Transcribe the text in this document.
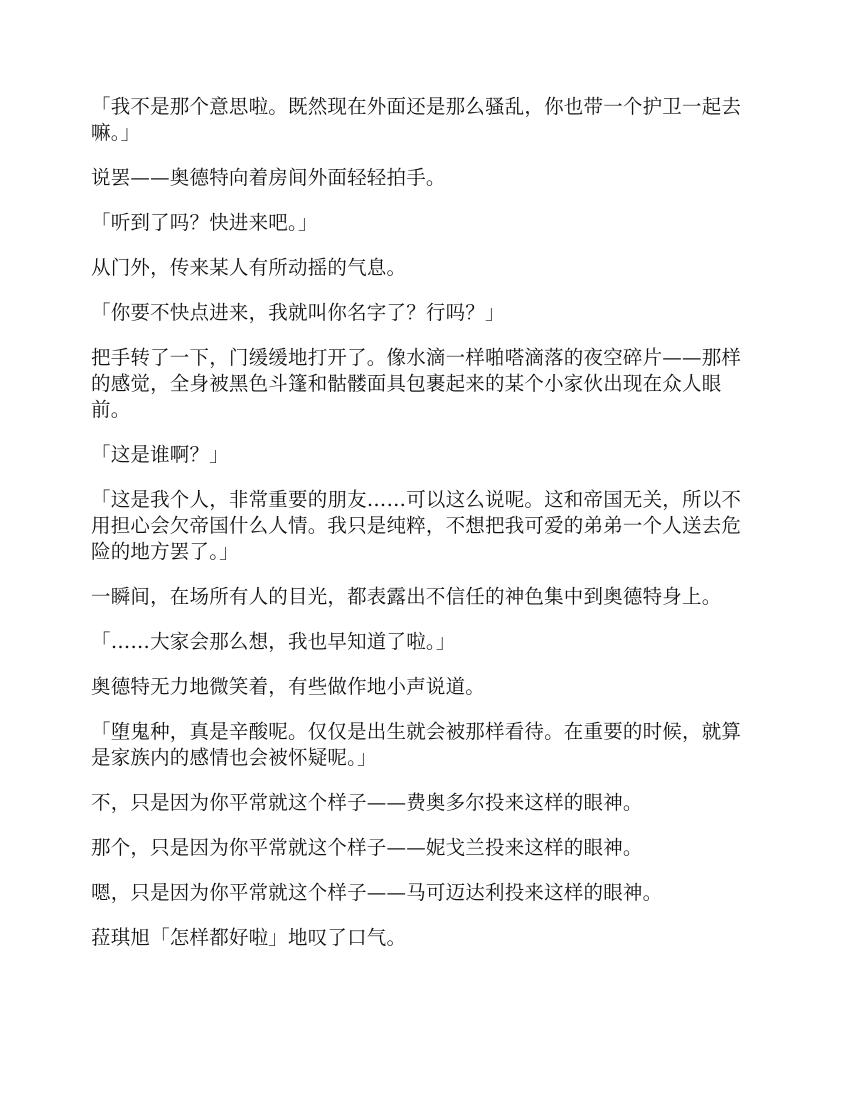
「我不是那个意思啦。既然现在外面还是那么骚乱，你也带一个护卫一起去嘛。」

说罢——奥德特向着房间外面轻轻拍手。

「听到了吗？快进来吧。」

从门外，传来某人有所动摇的气息。

「你要不快点进来，我就叫你名字了？行吗？」

把手转了一下，门缓缓地打开了。像水滴一样啪嗒滴落的夜空碎片——那样的感觉，全身被黑色斗篷和骷髅面具包裹起来的某个小家伙出现在众人眼前。

「这是谁啊？」

「这是我个人，非常重要的朋友……可以这么说呢。这和帝国无关，所以不用担心会欠帝国什么人情。我只是纯粹，不想把我可爱的弟弟一个人送去危险的地方罢了。」

一瞬间，在场所有人的目光，都表露出不信任的神色集中到奥德特身上。

「……大家会那么想，我也早知道了啦。」

奥德特无力地微笑着，有些做作地小声说道。

「堕鬼种，真是辛酸呢。仅仅是出生就会被那样看待。在重要的时候，就算是家族内的感情也会被怀疑呢。」

不，只是因为你平常就这个样子——费奥多尔投来这样的眼神。

那个，只是因为你平常就这个样子——妮戈兰投来这样的眼神。

嗯，只是因为你平常就这个样子——马可迈达利投来这样的眼神。

菈琪旭「怎样都好啦」地叹了口气。
